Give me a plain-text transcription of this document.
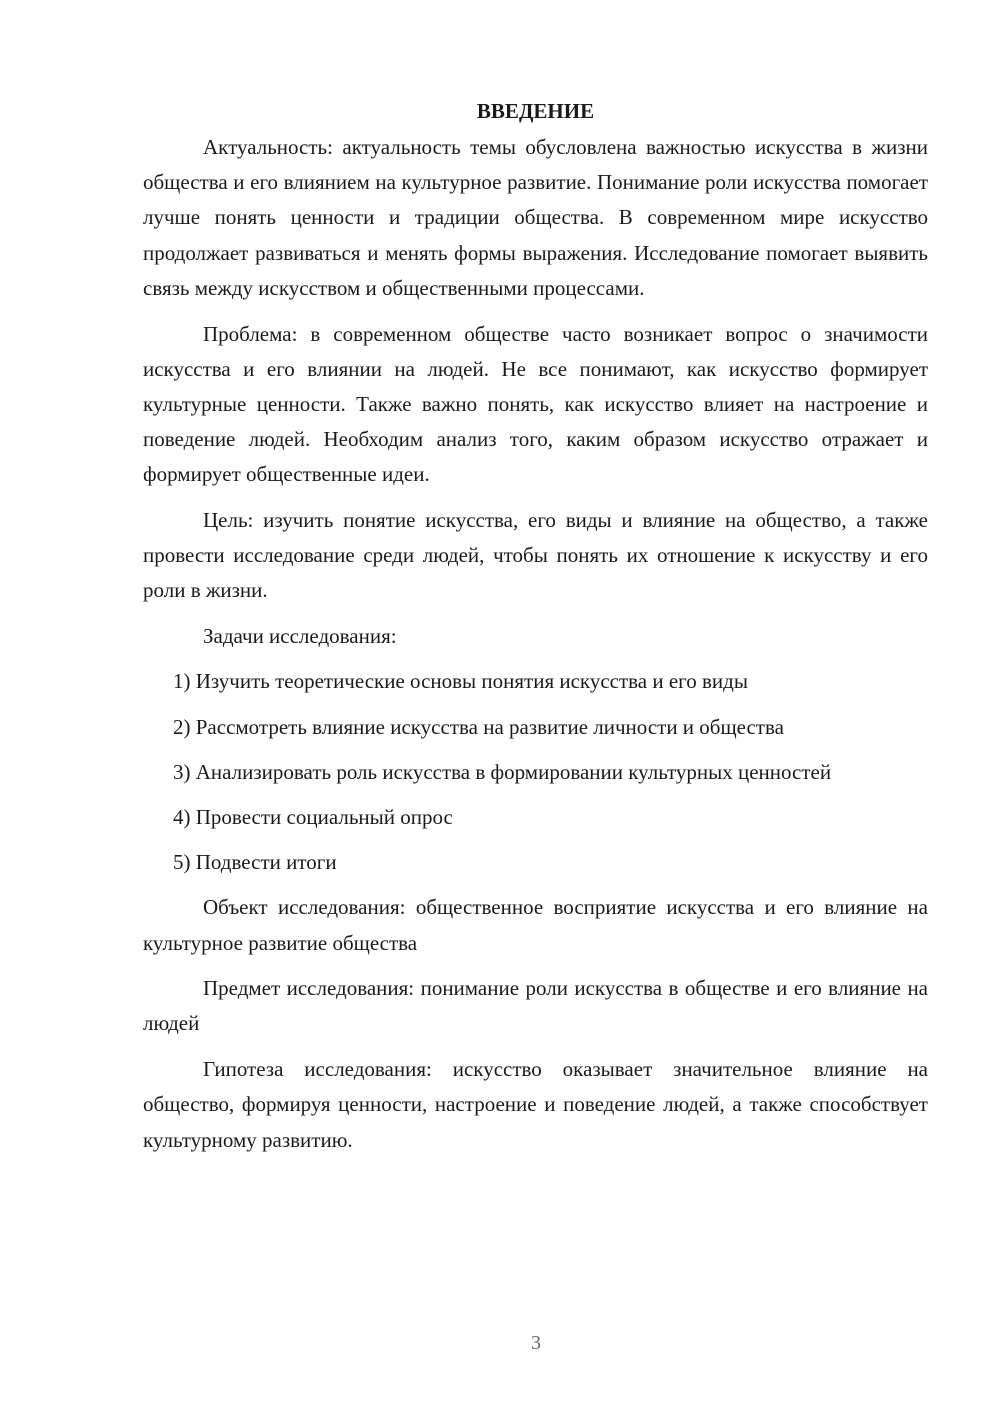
ВВЕДЕНИЕ

Актуальность: актуальность темы обусловлена важностью искусства в жизни общества и его влиянием на культурное развитие. Понимание роли искусства помогает лучше понять ценности и традиции общества. В современном мире искусство продолжает развиваться и менять формы выражения. Исследование помогает выявить связь между искусством и общественными процессами.

Проблема: в современном обществе часто возникает вопрос о значимости искусства и его влиянии на людей. Не все понимают, как искусство формирует культурные ценности. Также важно понять, как искусство влияет на настроение и поведение людей. Необходим анализ того, каким образом искусство отражает и формирует общественные идеи.

Цель: изучить понятие искусства, его виды и влияние на общество, а также провести исследование среди людей, чтобы понять их отношение к искусству и его роли в жизни.

Задачи исследования:

1) Изучить теоретические основы понятия искусства и его виды

2) Рассмотреть влияние искусства на развитие личности и общества

3) Анализировать роль искусства в формировании культурных ценностей

4) Провести социальный опрос

5) Подвести итоги

Объект исследования: общественное восприятие искусства и его влияние на культурное развитие общества

Предмет исследования: понимание роли искусства в обществе и его влияние на людей

Гипотеза исследования: искусство оказывает значительное влияние на общество, формируя ценности, настроение и поведение людей, а также способствует культурному развитию.

3
